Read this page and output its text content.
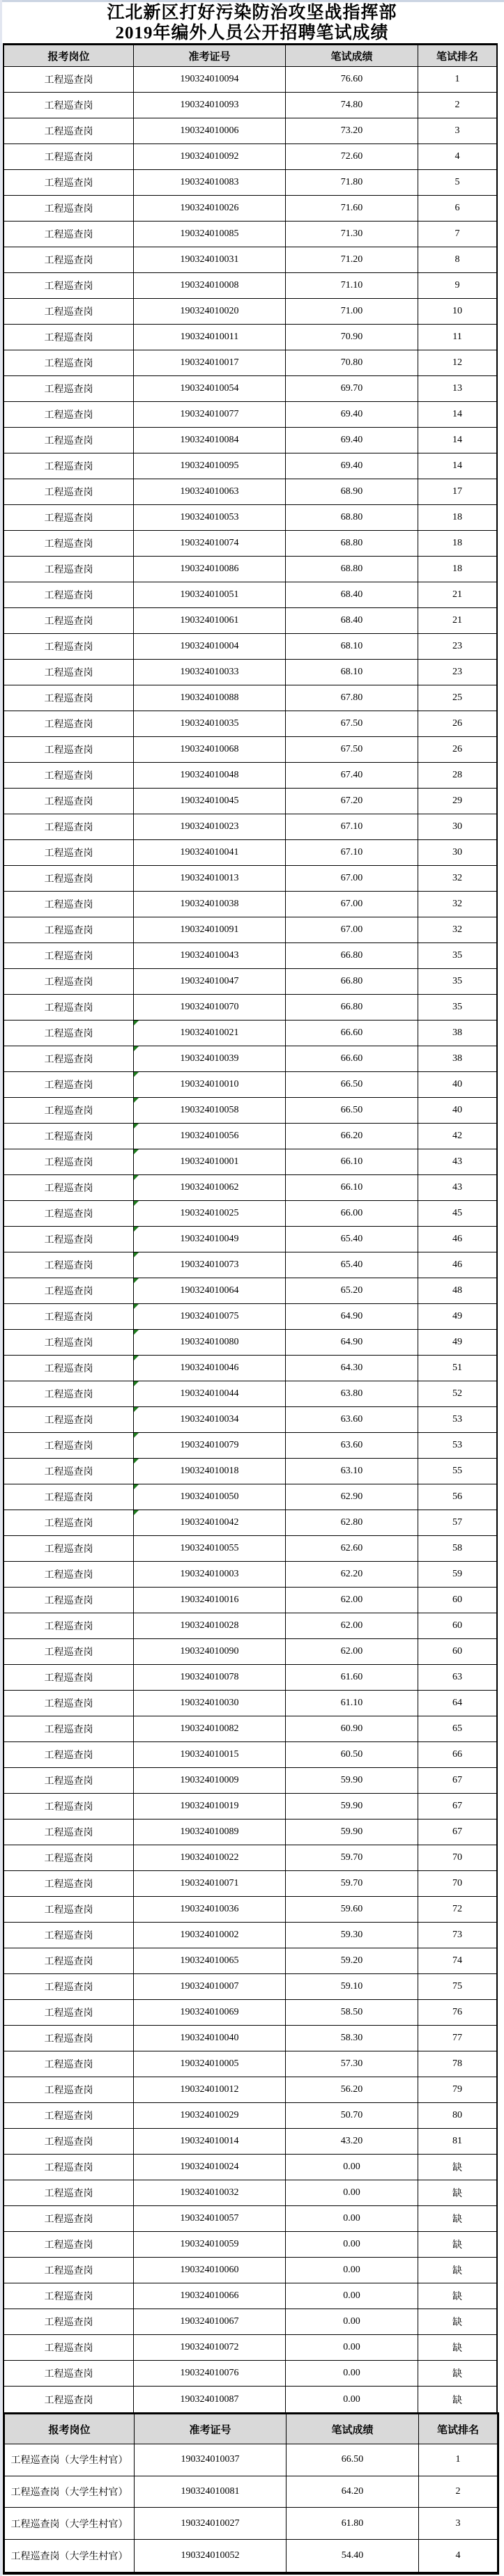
江北新区打好污染防治攻坚战指挥部
2019年编外人员公开招聘笔试成绩
报考岗位	准考证号	笔试成绩	笔试排名
工程巡查岗	190324010094	76.60	1
工程巡查岗	190324010093	74.80	2
工程巡查岗	190324010006	73.20	3
工程巡查岗	190324010092	72.60	4
工程巡查岗	190324010083	71.80	5
工程巡查岗	190324010026	71.60	6
工程巡查岗	190324010085	71.30	7
工程巡查岗	190324010031	71.20	8
工程巡查岗	190324010008	71.10	9
工程巡查岗	190324010020	71.00	10
工程巡查岗	190324010011	70.90	11
工程巡查岗	190324010017	70.80	12
工程巡查岗	190324010054	69.70	13
工程巡查岗	190324010077	69.40	14
工程巡查岗	190324010084	69.40	14
工程巡查岗	190324010095	69.40	14
工程巡查岗	190324010063	68.90	17
工程巡查岗	190324010053	68.80	18
工程巡查岗	190324010074	68.80	18
工程巡查岗	190324010086	68.80	18
工程巡查岗	190324010051	68.40	21
工程巡查岗	190324010061	68.40	21
工程巡查岗	190324010004	68.10	23
工程巡查岗	190324010033	68.10	23
工程巡查岗	190324010088	67.80	25
工程巡查岗	190324010035	67.50	26
工程巡查岗	190324010068	67.50	26
工程巡查岗	190324010048	67.40	28
工程巡查岗	190324010045	67.20	29
工程巡查岗	190324010023	67.10	30
工程巡查岗	190324010041	67.10	30
工程巡查岗	190324010013	67.00	32
工程巡查岗	190324010038	67.00	32
工程巡查岗	190324010091	67.00	32
工程巡查岗	190324010043	66.80	35
工程巡查岗	190324010047	66.80	35
工程巡查岗	190324010070	66.80	35
工程巡查岗	190324010021	66.60	38
工程巡查岗	190324010039	66.60	38
工程巡查岗	190324010010	66.50	40
工程巡查岗	190324010058	66.50	40
工程巡查岗	190324010056	66.20	42
工程巡查岗	190324010001	66.10	43
工程巡查岗	190324010062	66.10	43
工程巡查岗	190324010025	66.00	45
工程巡查岗	190324010049	65.40	46
工程巡查岗	190324010073	65.40	46
工程巡查岗	190324010064	65.20	48
工程巡查岗	190324010075	64.90	49
工程巡查岗	190324010080	64.90	49
工程巡查岗	190324010046	64.30	51
工程巡查岗	190324010044	63.80	52
工程巡查岗	190324010034	63.60	53
工程巡查岗	190324010079	63.60	53
工程巡查岗	190324010018	63.10	55
工程巡查岗	190324010050	62.90	56
工程巡查岗	190324010042	62.80	57
工程巡查岗	190324010055	62.60	58
工程巡查岗	190324010003	62.20	59
工程巡查岗	190324010016	62.00	60
工程巡查岗	190324010028	62.00	60
工程巡查岗	190324010090	62.00	60
工程巡查岗	190324010078	61.60	63
工程巡查岗	190324010030	61.10	64
工程巡查岗	190324010082	60.90	65
工程巡查岗	190324010015	60.50	66
工程巡查岗	190324010009	59.90	67
工程巡查岗	190324010019	59.90	67
工程巡查岗	190324010089	59.90	67
工程巡查岗	190324010022	59.70	70
工程巡查岗	190324010071	59.70	70
工程巡查岗	190324010036	59.60	72
工程巡查岗	190324010002	59.30	73
工程巡查岗	190324010065	59.20	74
工程巡查岗	190324010007	59.10	75
工程巡查岗	190324010069	58.50	76
工程巡查岗	190324010040	58.30	77
工程巡查岗	190324010005	57.30	78
工程巡查岗	190324010012	56.20	79
工程巡查岗	190324010029	50.70	80
工程巡查岗	190324010014	43.20	81
工程巡查岗	190324010024	0.00	缺
工程巡查岗	190324010032	0.00	缺
工程巡查岗	190324010057	0.00	缺
工程巡查岗	190324010059	0.00	缺
工程巡查岗	190324010060	0.00	缺
工程巡查岗	190324010066	0.00	缺
工程巡查岗	190324010067	0.00	缺
工程巡查岗	190324010072	0.00	缺
工程巡查岗	190324010076	0.00	缺
工程巡查岗	190324010087	0.00	缺
报考岗位	准考证号	笔试成绩	笔试排名
工程巡查岗（大学生村官）	190324010037	66.50	1
工程巡查岗（大学生村官）	190324010081	64.20	2
工程巡查岗（大学生村官）	190324010027	61.80	3
工程巡查岗（大学生村官）	190324010052	54.40	4
